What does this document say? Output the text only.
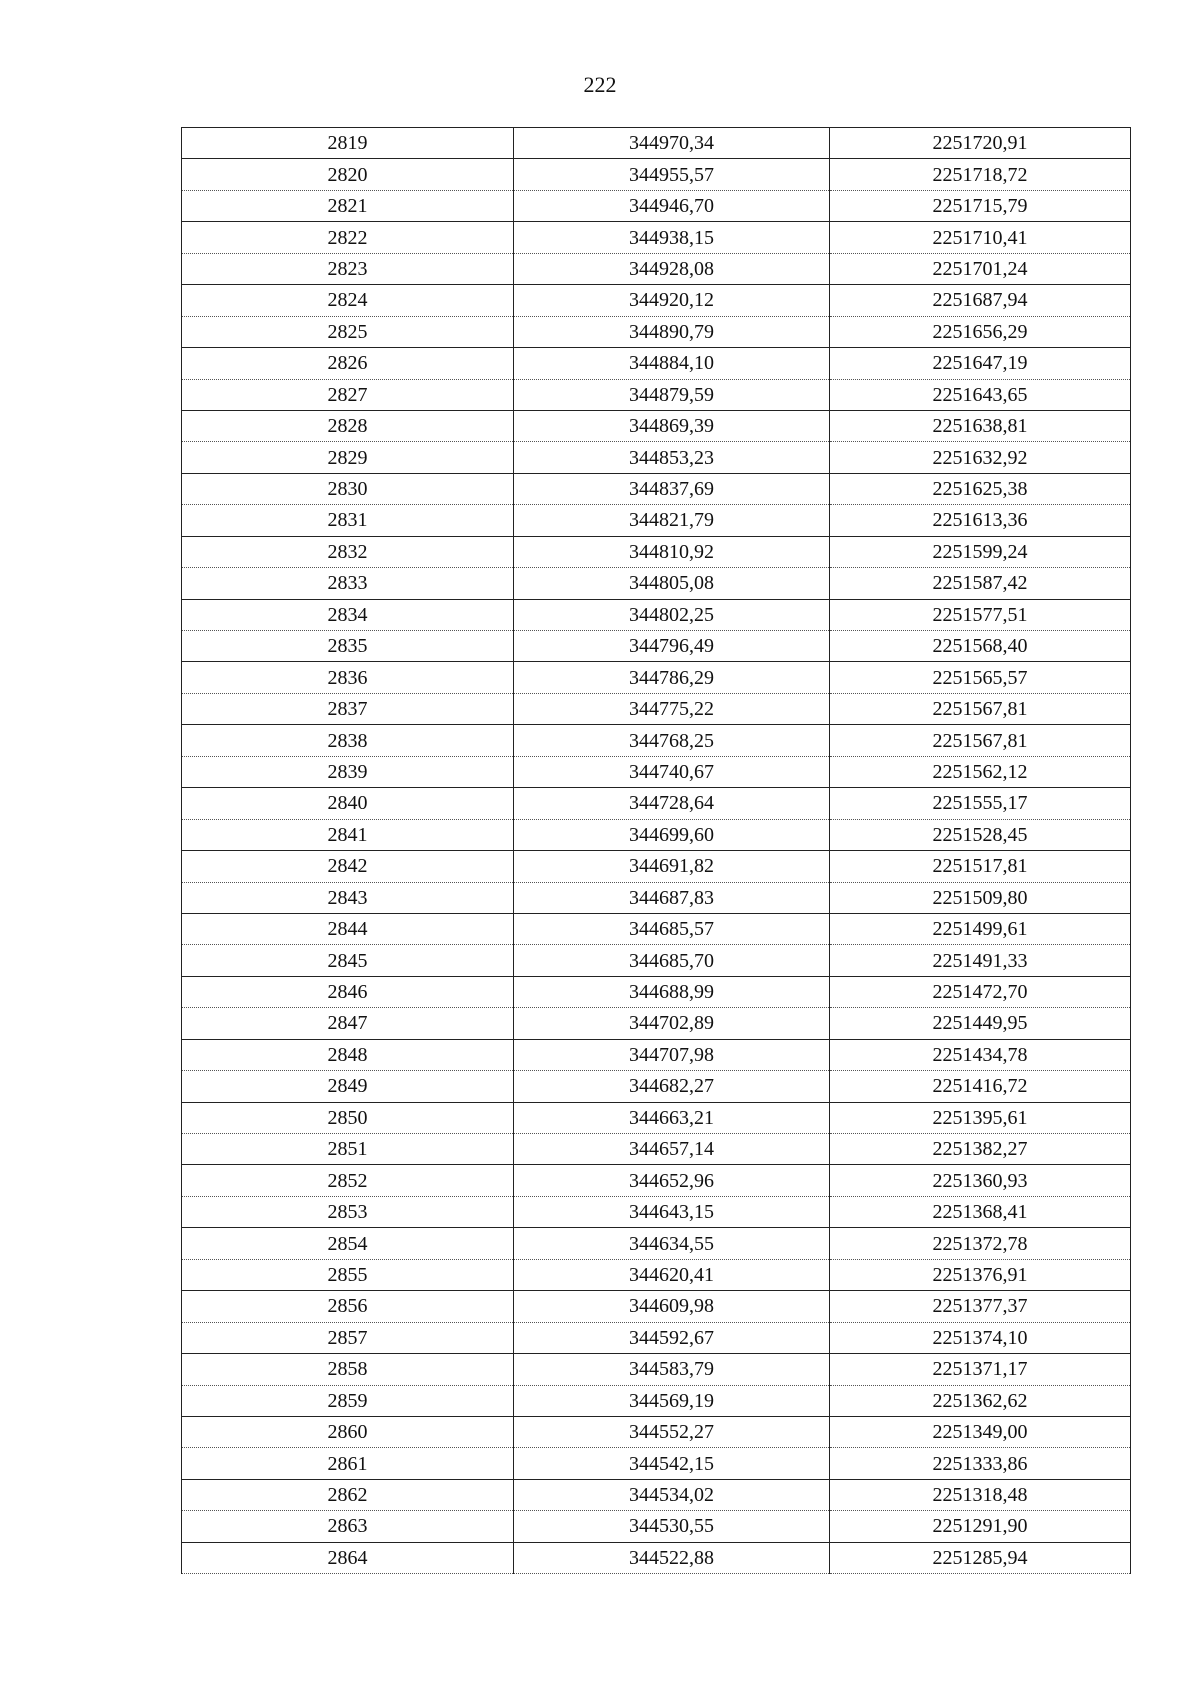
222
2819	344970,34	2251720,91
2820	344955,57	2251718,72
2821	344946,70	2251715,79
2822	344938,15	2251710,41
2823	344928,08	2251701,24
2824	344920,12	2251687,94
2825	344890,79	2251656,29
2826	344884,10	2251647,19
2827	344879,59	2251643,65
2828	344869,39	2251638,81
2829	344853,23	2251632,92
2830	344837,69	2251625,38
2831	344821,79	2251613,36
2832	344810,92	2251599,24
2833	344805,08	2251587,42
2834	344802,25	2251577,51
2835	344796,49	2251568,40
2836	344786,29	2251565,57
2837	344775,22	2251567,81
2838	344768,25	2251567,81
2839	344740,67	2251562,12
2840	344728,64	2251555,17
2841	344699,60	2251528,45
2842	344691,82	2251517,81
2843	344687,83	2251509,80
2844	344685,57	2251499,61
2845	344685,70	2251491,33
2846	344688,99	2251472,70
2847	344702,89	2251449,95
2848	344707,98	2251434,78
2849	344682,27	2251416,72
2850	344663,21	2251395,61
2851	344657,14	2251382,27
2852	344652,96	2251360,93
2853	344643,15	2251368,41
2854	344634,55	2251372,78
2855	344620,41	2251376,91
2856	344609,98	2251377,37
2857	344592,67	2251374,10
2858	344583,79	2251371,17
2859	344569,19	2251362,62
2860	344552,27	2251349,00
2861	344542,15	2251333,86
2862	344534,02	2251318,48
2863	344530,55	2251291,90
2864	344522,88	2251285,94
